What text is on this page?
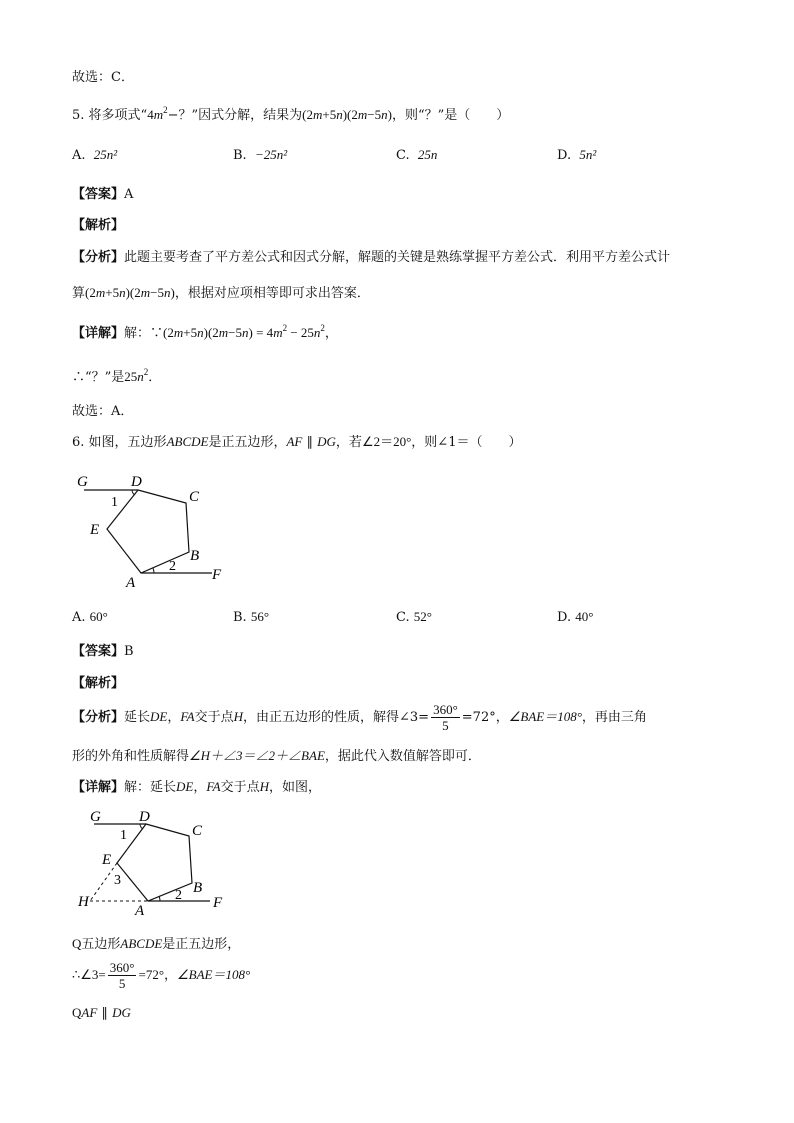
故选：C．
5. 将多项式“$4m^2-$？”因式分解，结果为(2m+5n)(2m−5n)，则“？”是（　　）
A. 25n²	B. −25n²	C. 25n	D. 5n²
【答案】A
【解析】
【分析】此题主要考查了平方差公式和因式分解，解题的关键是熟练掌握平方差公式．利用平方差公式计
算(2m+5n)(2m−5n)，根据对应项相等即可求出答案．
【详解】解：∵(2m+5n)(2m−5n) = $4m^2 - 25n^2$，
∴“？”是$25n^2$．
故选：A．
6. 如图，五边形ABCDE是正五边形，AF ∥ DG，若∠2＝20°，则∠1＝（　　）
G	D
C
E
B
A	F
1
2
A. 60°	B. 56°	C. 52°	D. 40°
【答案】B
【解析】
【分析】延长DE，FA交于点H，由正五边形的性质，解得∠3= $\frac{360^\circ}{5} =72^\circ$，∠BAE＝108°，再由三角
形的外角和性质解得∠H＋∠3＝∠2＋∠BAE，据此代入数值解答即可．
【详解】解：延长DE，FA交于点H，如图，
G	D
C
E
B
A	F
H
1
2
3
Q五边形ABCDE是正五边形，
∴∠3= $\frac{360^\circ}{5} =72^\circ$，∠BAE＝108°
QAF ∥ DG
